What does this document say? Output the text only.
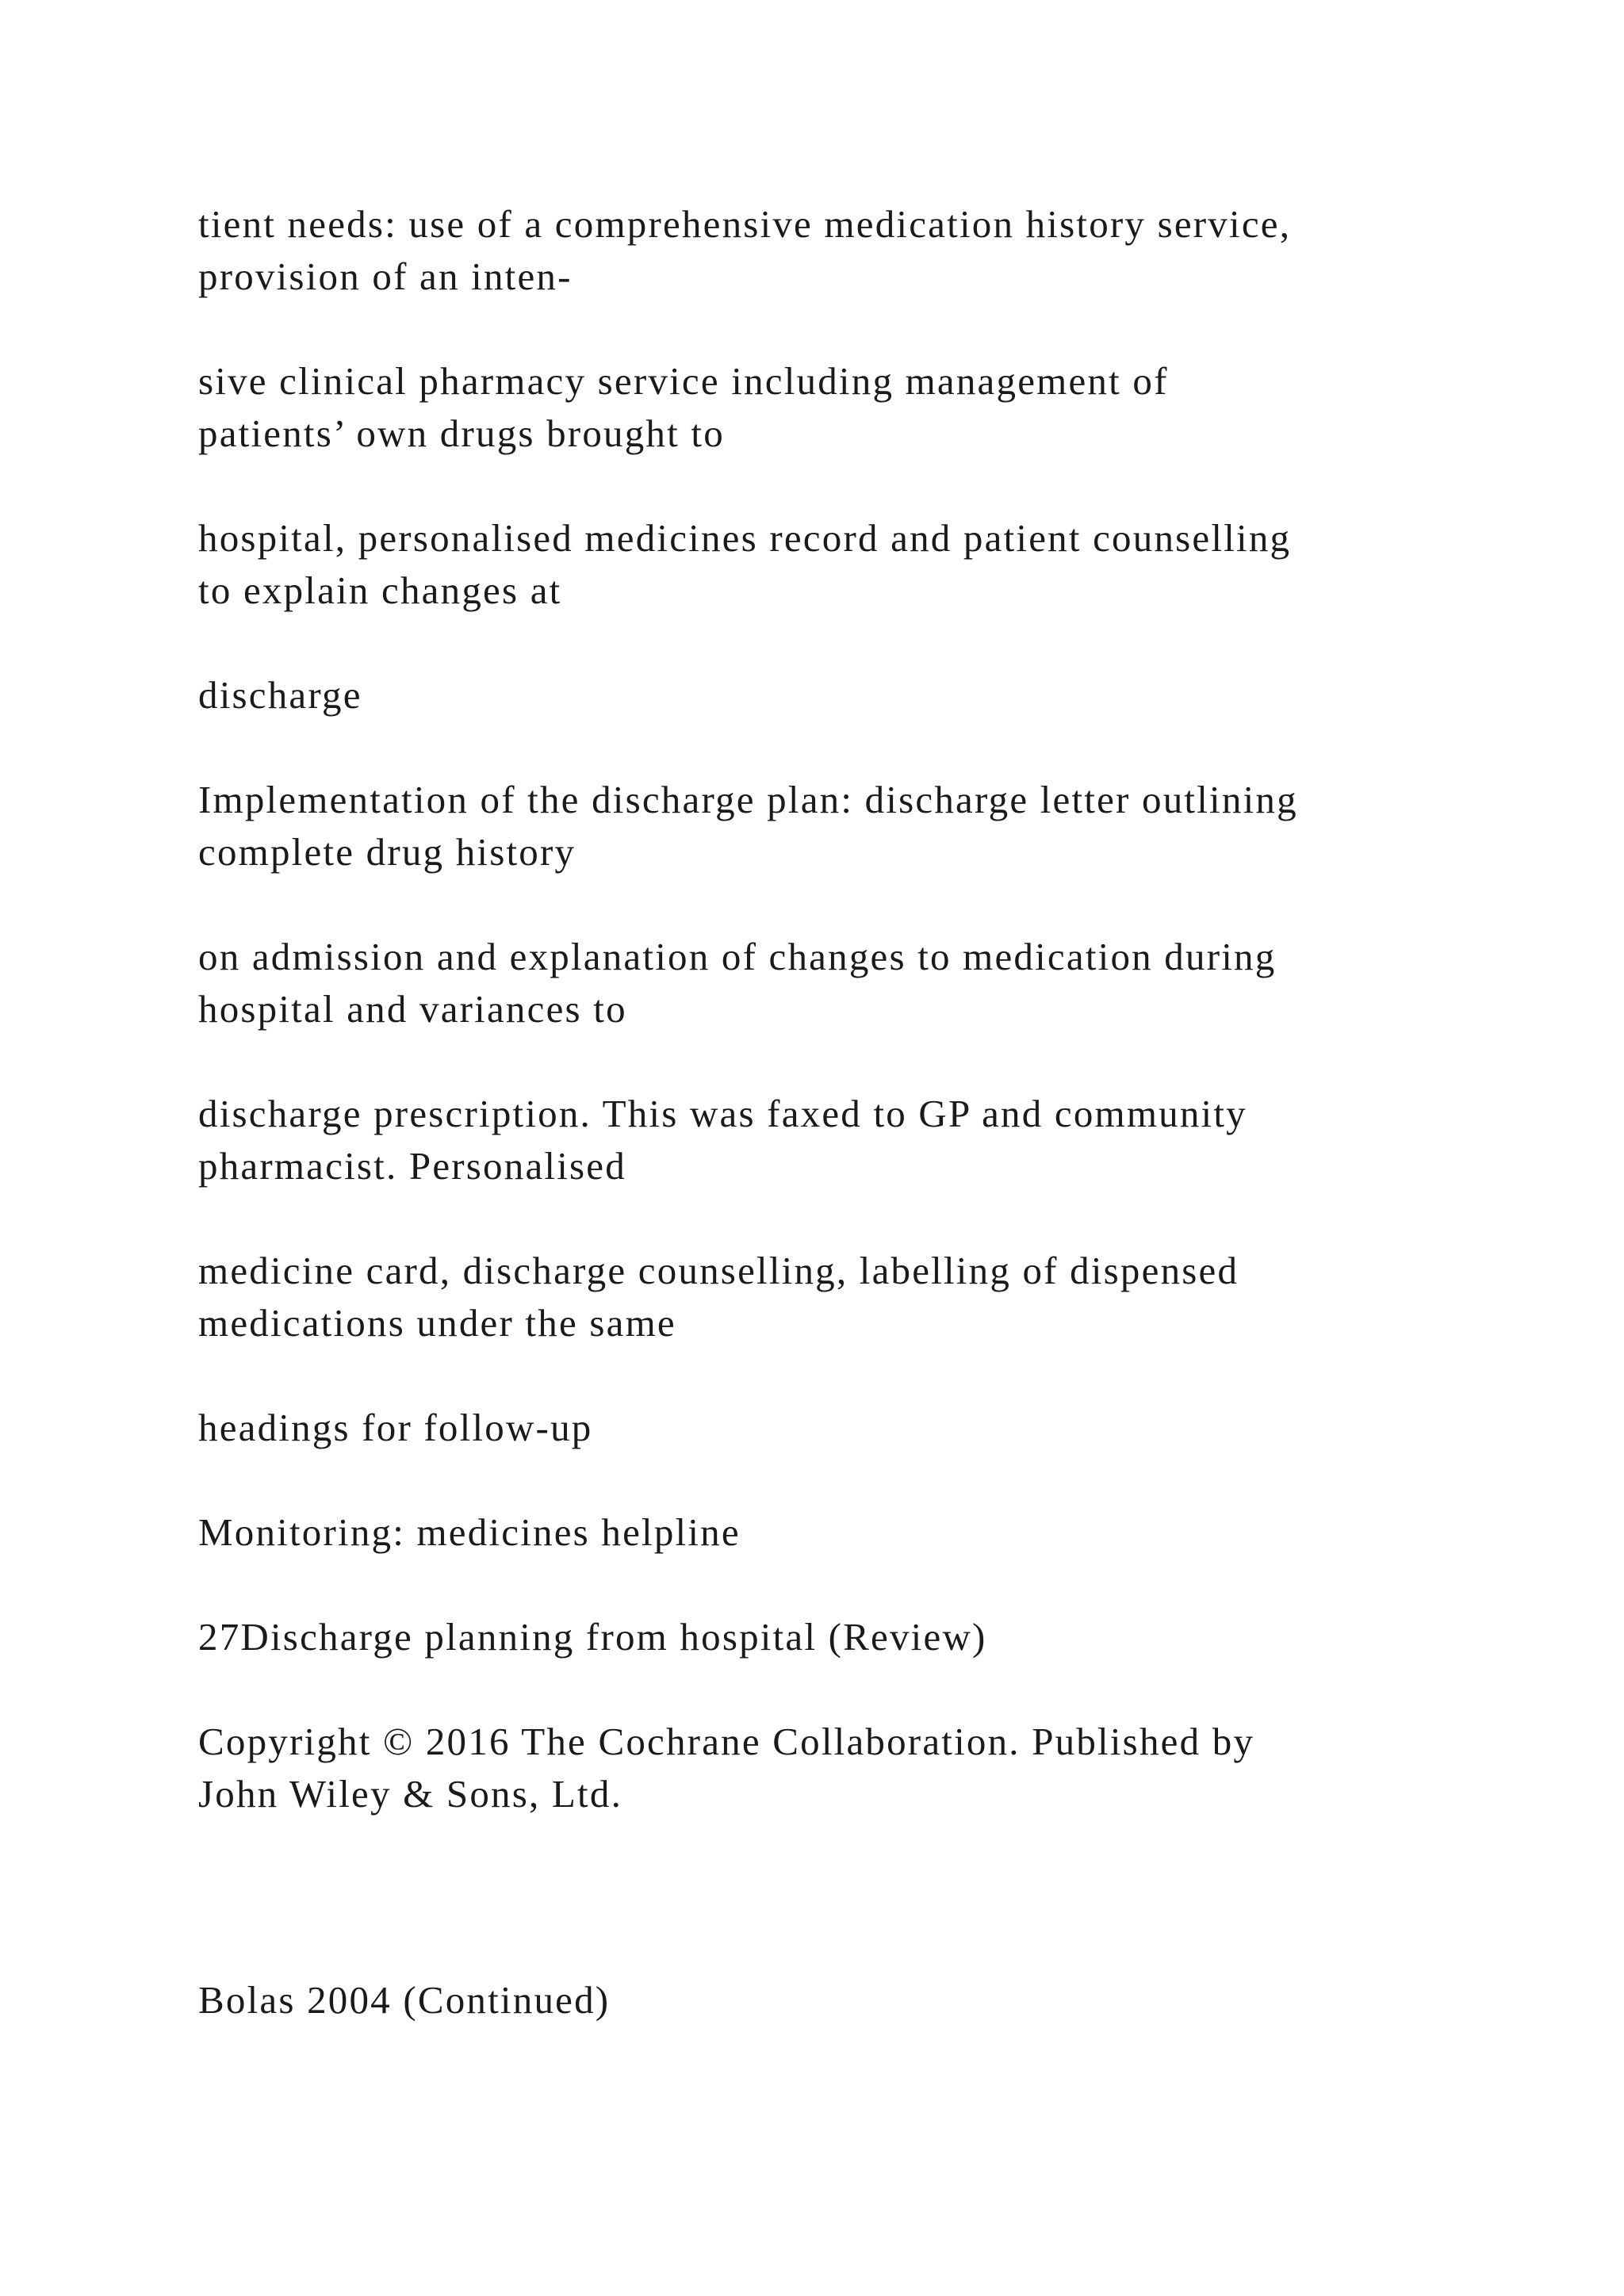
tient needs: use of a comprehensive medication history service,
provision of an inten-

sive clinical pharmacy service including management of
patients’ own drugs brought to

hospital, personalised medicines record and patient counselling
to explain changes at

discharge

Implementation of the discharge plan: discharge letter outlining
complete drug history

on admission and explanation of changes to medication during
hospital and variances to

discharge prescription. This was faxed to GP and community
pharmacist. Personalised

medicine card, discharge counselling, labelling of dispensed
medications under the same

headings for follow-up

Monitoring: medicines helpline

27Discharge planning from hospital (Review)

Copyright © 2016 The Cochrane Collaboration. Published by
John Wiley & Sons, Ltd.

Bolas 2004 (Continued)
